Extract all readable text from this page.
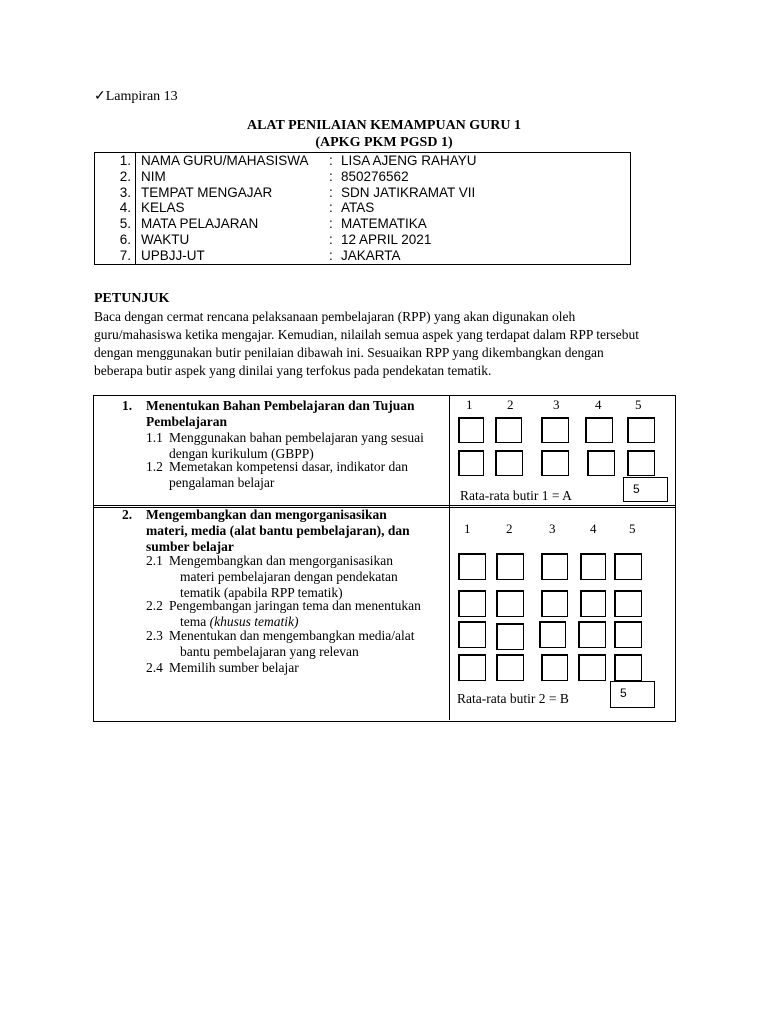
✓Lampiran 13
ALAT PENILAIAN KEMAMPUAN GURU 1
(APKG PKM PGSD 1)
1.	NAMA GURU/MAHASISWA	:	LISA AJENG RAHAYU
2.	NIM	:	850276562
3.	TEMPAT MENGAJAR	:	SDN JATIKRAMAT VII
4.	KELAS	:	ATAS
5.	MATA PELAJARAN	:	MATEMATIKA
6.	WAKTU	:	12 APRIL 2021
7.	UPBJJ-UT	:	JAKARTA
PETUNJUK
Baca dengan cermat rencana pelaksanaan pembelajaran (RPP) yang akan digunakan oleh
guru/mahasiswa ketika mengajar. Kemudian, nilailah semua aspek yang terdapat dalam RPP tersebut
dengan menggunakan butir penilaian dibawah ini. Sesuaikan RPP yang dikembangkan dengan
beberapa butir aspek yang dinilai yang terfokus pada pendekatan tematik.
1. Menentukan Bahan Pembelajaran dan Tujuan
Pembelajaran
1.1 Menggunakan bahan pembelajaran yang sesuai
dengan kurikulum (GBPP)
1.2 Memetakan kompetensi dasar, indikator dan
pengalaman belajar
1	2	3	4	5
Rata-rata butir 1 = A	5
2. Mengembangkan dan mengorganisasikan
materi, media (alat bantu pembelajaran), dan
sumber belajar
2.1 Mengembangkan dan mengorganisasikan
materi pembelajaran dengan pendekatan
tematik (apabila RPP tematik)
2.2 Pengembangan jaringan tema dan menentukan
tema (khusus tematik)
2.3 Menentukan dan mengembangkan media/alat
bantu pembelajaran yang relevan
2.4 Memilih sumber belajar
1	2	3	4	5
Rata-rata butir 2 = B	5
